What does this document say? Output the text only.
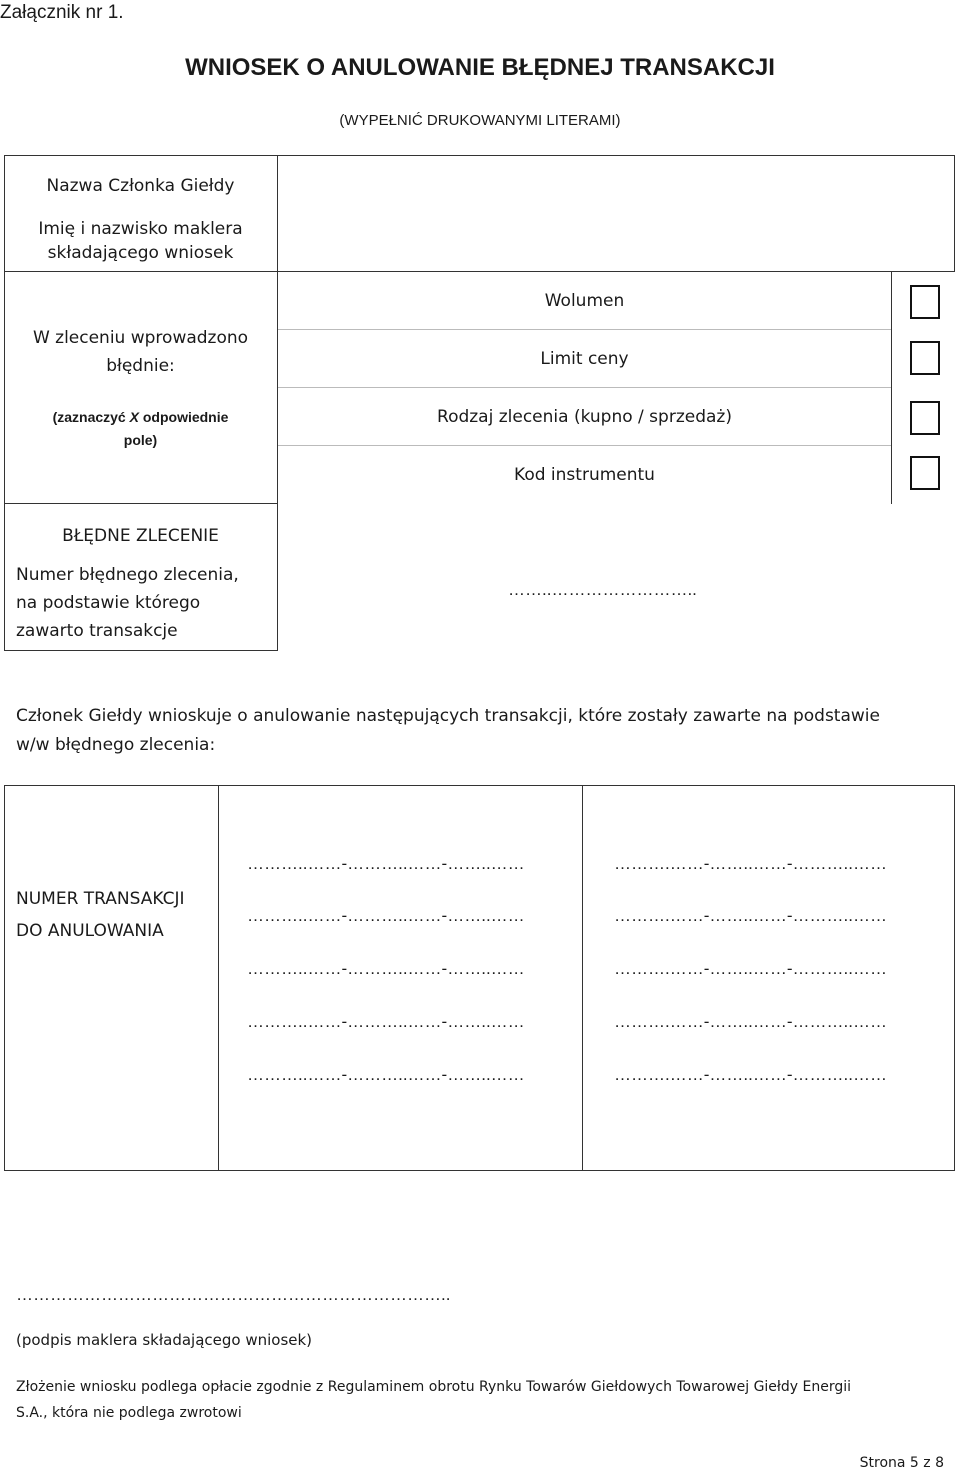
Załącznik nr 1.
WNIOSEK O ANULOWANIE BŁĘDNEJ TRANSAKCJI
(WYPEŁNIĆ DRUKOWANYMI LITERAMI)
Nazwa Członka Giełdy
Imię i nazwisko maklera
składającego wniosek
W zleceniu wprowadzono
błędnie:
(zaznaczyć X odpowiednie
pole)
Wolumen
Limit ceny
Rodzaj zlecenia (kupno / sprzedaż)
Kod instrumentu
BŁĘDNE ZLECENIE
Numer błędnego zlecenia,
na podstawie którego
zawarto transakcje
……..……………………..
Członek Giełdy wnioskuje o anulowanie następujących transakcji, które zostały zawarte na podstawie
w/w błędnego zlecenia:
NUMER TRANSAKCJI
DO ANULOWANIA
………..……-………..……-……..……
………..……-………..……-……..……
………..……-………..……-……..……
………..……-………..……-……..……
………..……-………..……-……..……
……….……-……..……-………..……
……….……-……..……-………..……
……….……-……..……-………..……
……….……-……..……-………..……
……….……-……..……-………..……
…………………………………………………………………..
(podpis maklera składającego wniosek)
Złożenie wniosku podlega opłacie zgodnie z Regulaminem obrotu Rynku Towarów Giełdowych Towarowej Giełdy Energii
S.A., która nie podlega zwrotowi
Strona 5 z 8
